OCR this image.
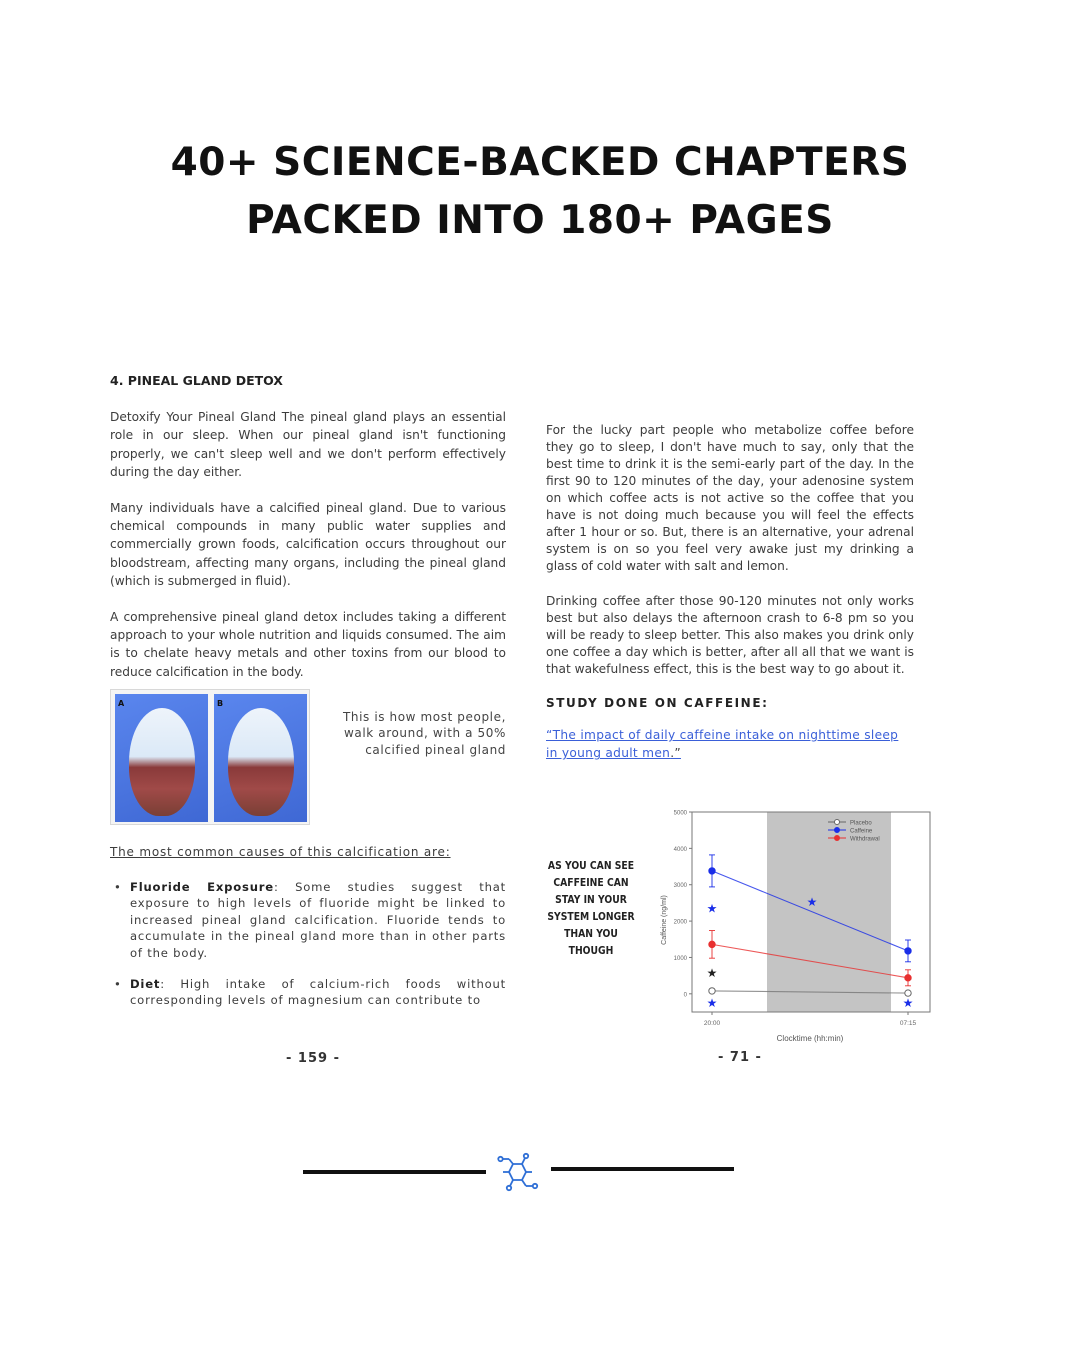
40+ SCIENCE-BACKED CHAPTERS
PACKED INTO 180+ PAGES
4. PINEAL GLAND DETOX

Detoxify Your Pineal Gland The pineal gland plays an essential role in our sleep. When our pineal gland isn't functioning properly, we can't sleep well and we don't perform effectively during the day either.

Many individuals have a calcified pineal gland. Due to various chemical compounds in many public water supplies and commercially grown foods, calcification occurs throughout our bloodstream, affecting many organs, including the pineal gland (which is submerged in fluid).

A comprehensive pineal gland detox includes taking a different approach to your whole nutrition and liquids consumed. The aim is to chelate heavy metals and other toxins from our blood to reduce calcification in the body.

A	B
This is how most people, walk around, with a 50% calcified pineal gland
The most common causes of this calcification are:
• Fluoride Exposure: Some studies suggest that exposure to high levels of fluoride might be linked to increased pineal gland calcification. Fluoride tends to accumulate in the pineal gland more than in other parts of the body.
• Diet: High intake of calcium-rich foods without corresponding levels of magnesium can contribute to
- 159 -

For the lucky part people who metabolize coffee before they go to sleep, I don't have much to say, only that the best time to drink it is the semi-early part of the day. In the first 90 to 120 minutes of the day, your adenosine system on which coffee acts is not active so the coffee that you have is not doing much because you will feel the effects after 1 hour or so. But, there is an alternative, your adrenal system is on so you feel very awake just my drinking a glass of cold water with salt and lemon.

Drinking coffee after those 90-120 minutes not only works best but also delays the afternoon crash to 6-8 pm so you will be ready to sleep better. This also makes you drink only one coffee a day which is better, after all all that we want is that wakefulness effect, this is the best way to go about it.

STUDY DONE ON CAFFEINE:

“The impact of daily caffeine intake on nighttime sleep in young adult men.”

AS YOU CAN SEE CAFFEINE CAN STAY IN YOUR SYSTEM LONGER THAN YOU THOUGH
0
1000
2000
3000
4000
5000
20:00	07:15
★
★
★
★
★
Placebo
Caffeine
Withdrawal
Clocktime (hh:min)
Caffeine (ng/ml)
- 71 -
